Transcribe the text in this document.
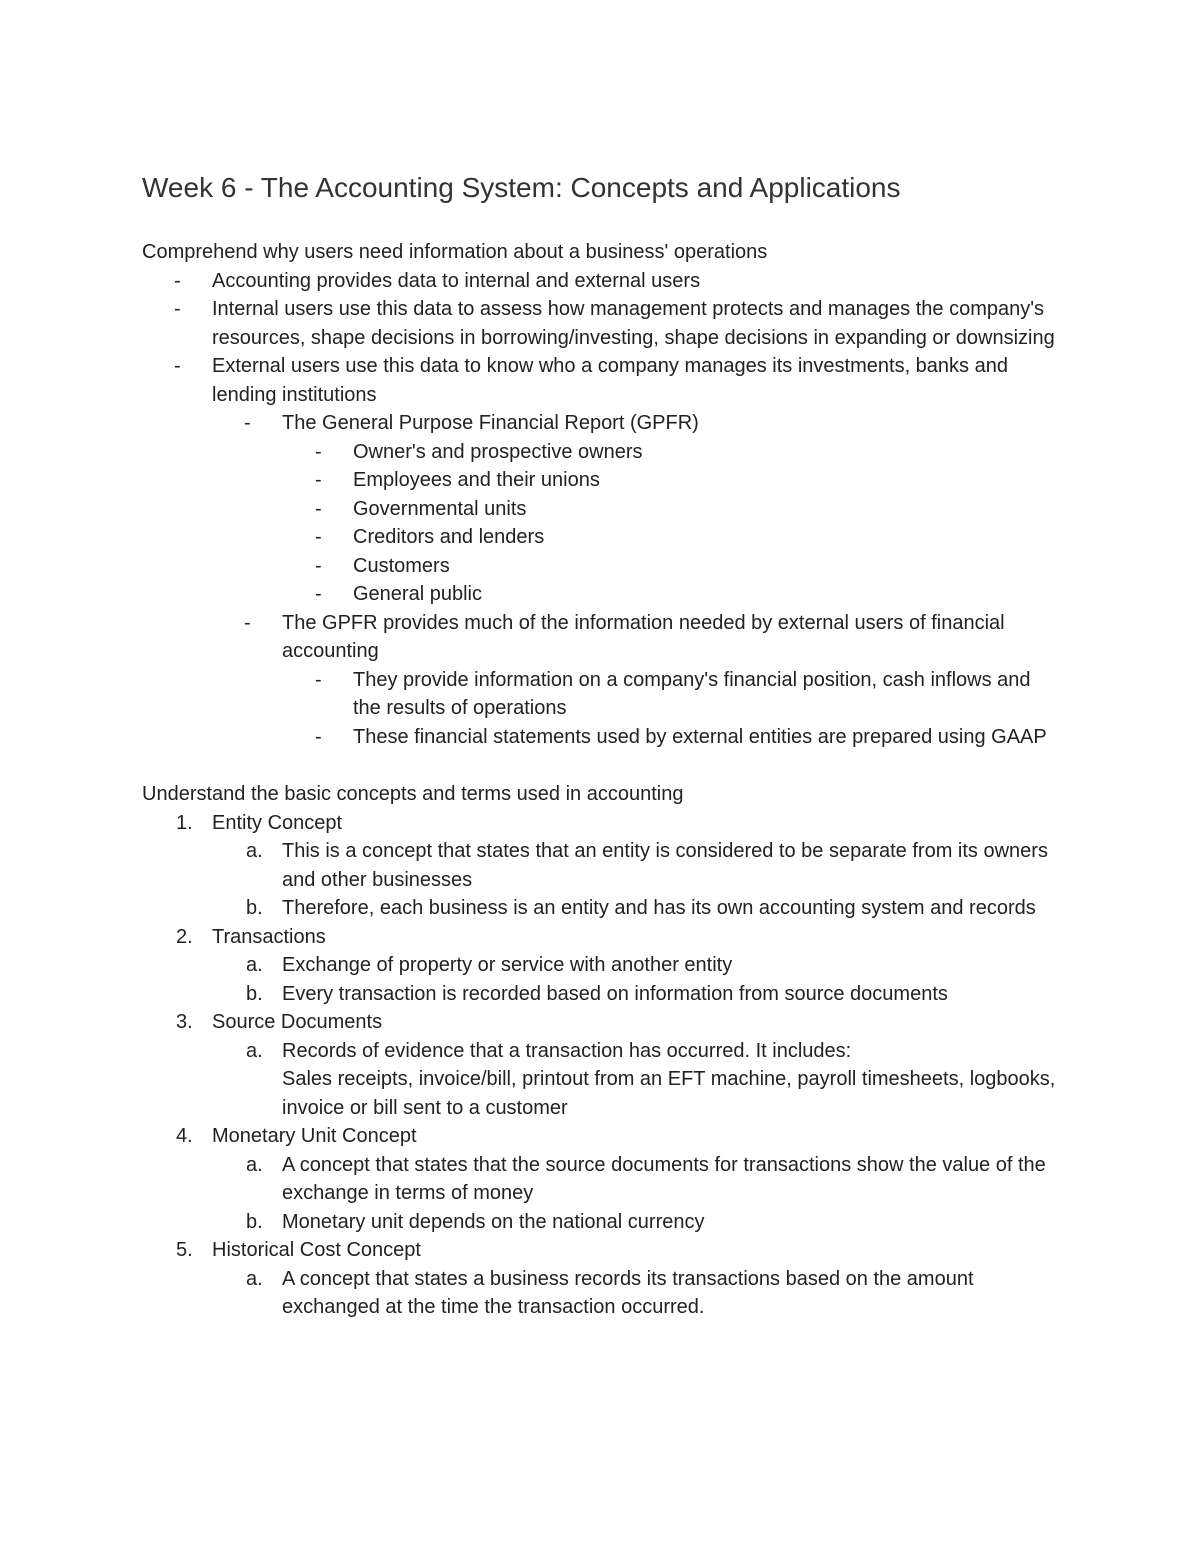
Week 6 - The Accounting System: Concepts and Applications

Comprehend why users need information about a business' operations

- Accounting provides data to internal and external users
- Internal users use this data to assess how management protects and manages the company's resources, shape decisions in borrowing/investing, shape decisions in expanding or downsizing
- External users use this data to know who a company manages its investments, banks and lending institutions
- The General Purpose Financial Report (GPFR)
- Owner's and prospective owners
- Employees and their unions
- Governmental units
- Creditors and lenders
- Customers
- General public
- The GPFR provides much of the information needed by external users of financial accounting
- They provide information on a company's financial position, cash inflows and the results of operations
- These financial statements used by external entities are prepared using GAAP

Understand the basic concepts and terms used in accounting

1. Entity Concept
a. This is a concept that states that an entity is considered to be separate from its owners and other businesses
b. Therefore, each business is an entity and has its own accounting system and records
2. Transactions
a. Exchange of property or service with another entity
b. Every transaction is recorded based on information from source documents
3. Source Documents
a. Records of evidence that a transaction has occurred. It includes:
Sales receipts, invoice/bill, printout from an EFT machine, payroll timesheets, logbooks, invoice or bill sent to a customer
4. Monetary Unit Concept
a. A concept that states that the source documents for transactions show the value of the exchange in terms of money
b. Monetary unit depends on the national currency
5. Historical Cost Concept
a. A concept that states a business records its transactions based on the amount exchanged at the time the transaction occurred.
